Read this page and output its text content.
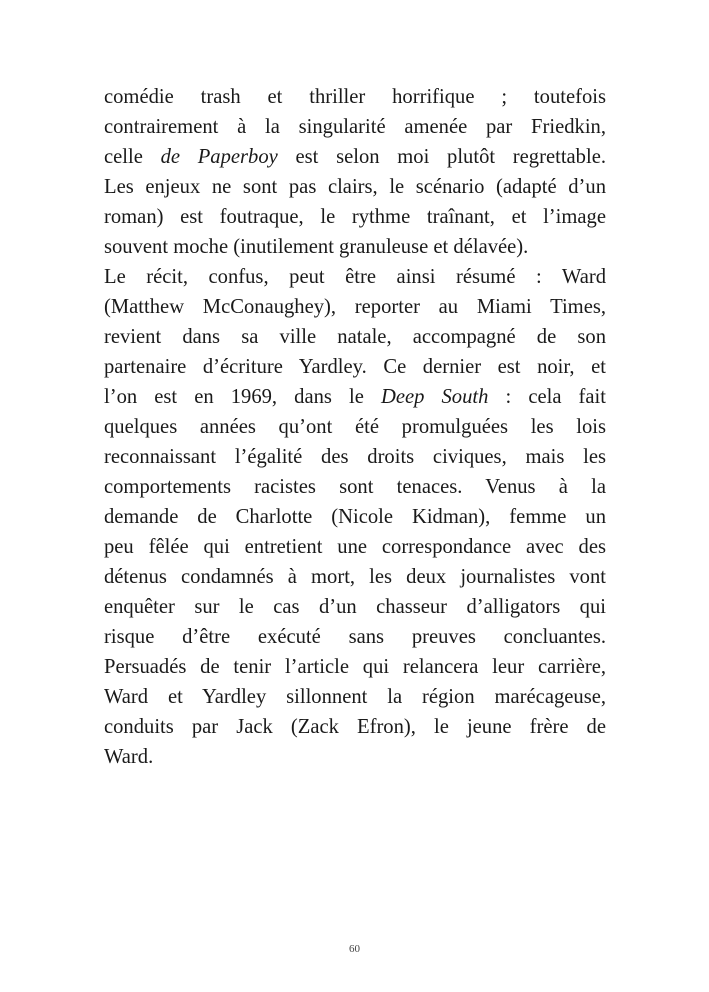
comédie trash et thriller horrifique ; toutefois
contrairement à la singularité amenée par Friedkin,
celle de Paperboy est selon moi plutôt regrettable.
Les enjeux ne sont pas clairs, le scénario (adapté d’un
roman) est foutraque, le rythme traînant, et l’image
souvent moche (inutilement granuleuse et délavée).
Le récit, confus, peut être ainsi résumé : Ward
(Matthew McConaughey), reporter au Miami Times,
revient dans sa ville natale, accompagné de son
partenaire d’écriture Yardley. Ce dernier est noir, et
l’on est en 1969, dans le Deep South : cela fait
quelques années qu’ont été promulguées les lois
reconnaissant l’égalité des droits civiques, mais les
comportements racistes sont tenaces. Venus à la
demande de Charlotte (Nicole Kidman), femme un
peu fêlée qui entretient une correspondance avec des
détenus condamnés à mort, les deux journalistes vont
enquêter sur le cas d’un chasseur d’alligators qui
risque d’être exécuté sans preuves concluantes.
Persuadés de tenir l’article qui relancera leur carrière,
Ward et Yardley sillonnent la région marécageuse,
conduits par Jack (Zack Efron), le jeune frère de
Ward.
60
